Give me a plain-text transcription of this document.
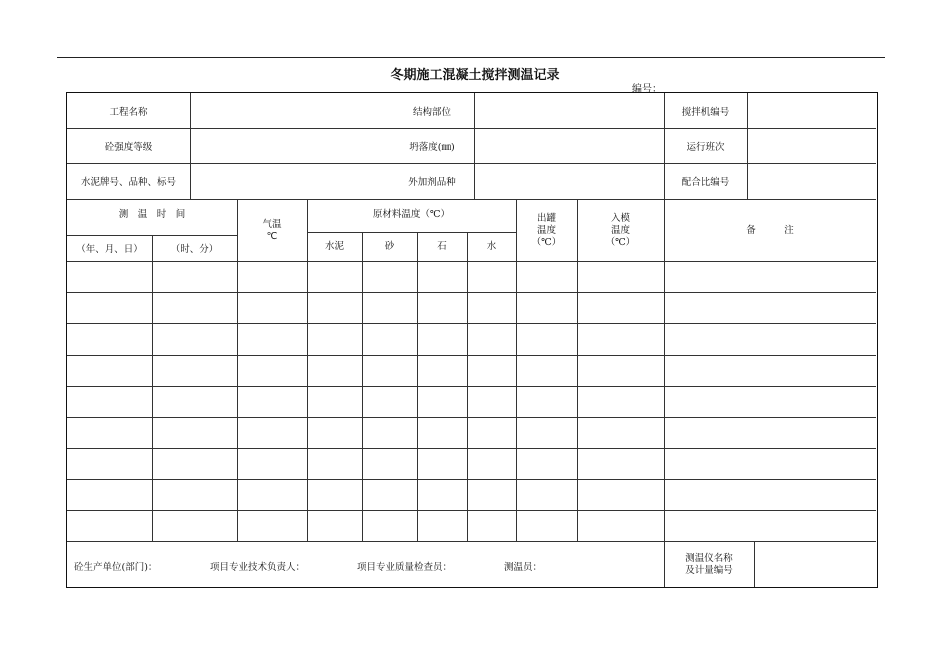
冬期施工混凝土搅拌测温记录
编号：
工程名称	结构部位	搅拌机编号
砼强度等级	坍落度(㎜)	运行班次
水泥牌号、品种、标号	外加剂品种	配合比编号
测　温　时　间
（年、月、日）	（时、分）
气温
℃
原材料温度（℃）
水泥	砂	石	水
出罐
温度
（℃）
入模
温度
（℃）
备　　　注
砼生产单位(部门)：	项目专业技术负责人：	项目专业质量检查员：	测温员：
测温仪名称
及计量编号
